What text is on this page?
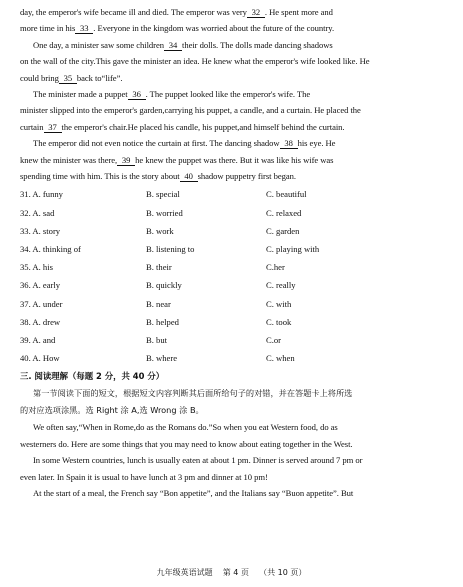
day, the emperor's wife became ill and died. The emperor was very 32 . He spent more and
more time in his 33 . Everyone in the kingdom was worried about the future of the country.
One day, a minister saw some children 34 their dolls. The dolls made dancing shadows
on the wall of the city.This gave the minister an idea. He knew what the emperor's wife looked like. He
could bring 35 back to“life”.
The minister made a puppet 36 . The puppet looked like the emperor's wife. The
minister slipped into the emperor's garden,carrying his puppet, a candle, and a curtain. He placed the
curtain 37 the emperor's chair.He placed his candle, his puppet,and himself behind the curtain.
The emperor did not even notice the curtain at first. The dancing shadow 38 his eye. He
knew the minister was there, 39 he knew the puppet was there. But it was like his wife was
spending time with him. This is the story about 40 shadow puppetry first began.
31. A. funny	B. special	C. beautiful
32. A. sad	B. worried	C. relaxed
33. A. story	B. work	C. garden
34. A. thinking of	B. listening to	C. playing with
35. A. his	B. their	C.her
36. A. early	B. quickly	C. really
37. A. under	B. near	C. with
38. A. drew	B. helped	C. took
39. A. and	B. but	C.or
40. A. How	B. where	C. when
三. 阅读理解（每题 2 分，共 40 分）
第一节阅读下面的短文，根据短文内容判断其后面所给句子的对错，并在答题卡上将所选
的对应选项涂黑。选 Right 涂 A,选 Wrong 涂 B。
We often say,“When in Rome,do as the Romans do.”So when you eat Western food, do as
westerners do. Here are some things that you may need to know about eating together in the West.
In some Western countries, lunch is usually eaten at about 1 pm. Dinner is served around 7 pm or
even later. In Spain it is usual to have lunch at 3 pm and dinner at 10 pm!
At the start of a meal, the French say “Bon appetite”, and the Italians say “Buon appetite”. But
九年级英语试题    第 4 页    （共 10 页）
